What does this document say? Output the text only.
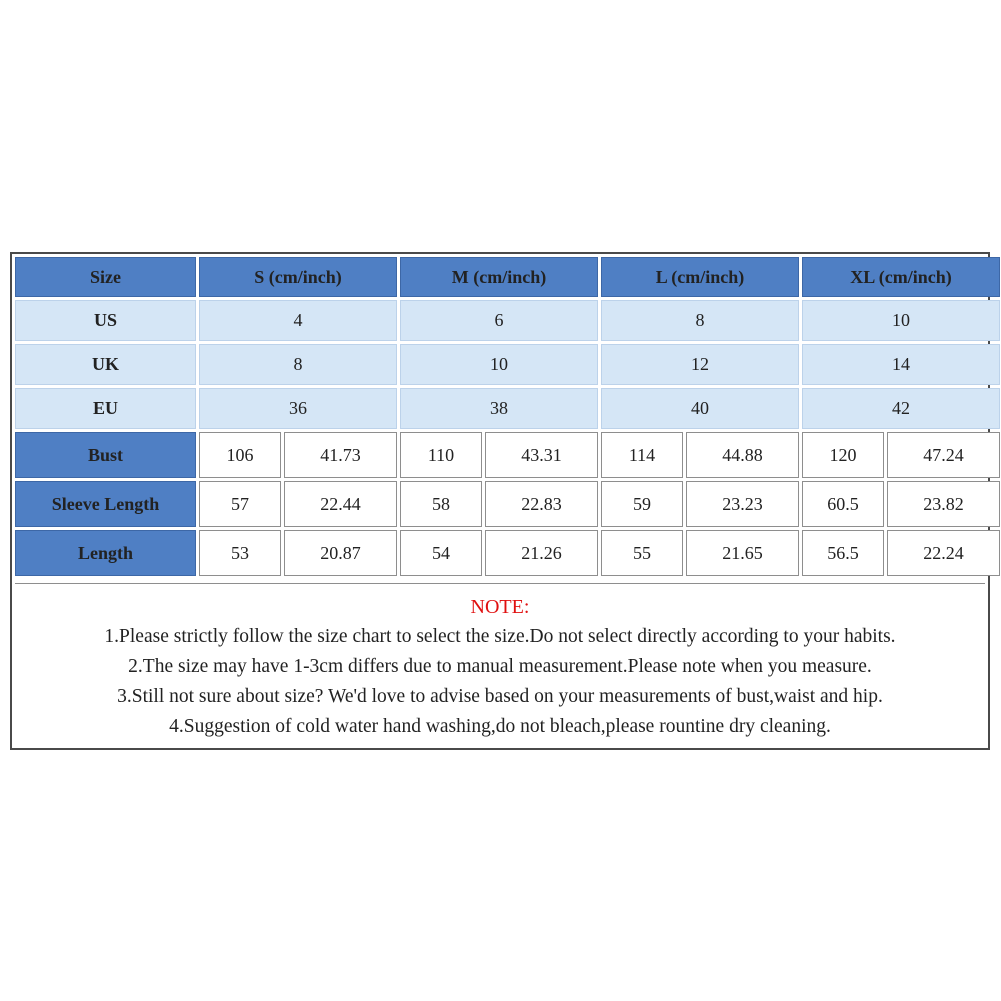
Size	S (cm/inch)		M (cm/inch)		L (cm/inch)		XL (cm/inch)	
US	4		6		8		10	
UK	8		10		12		14	
EU	36		38		40		42	
Bust	106	41.73	110	43.31	114	44.88	120	47.24
Sleeve Length	57	22.44	58	22.83	59	23.23	60.5	23.82
Length	53	20.87	54	21.26	55	21.65	56.5	22.24
NOTE:
1.Please strictly follow the size chart to select the size.Do not select directly according to your habits.
2.The size may have 1-3cm differs due to manual measurement.Please note when you measure.
3.Still not sure about size? We'd love to advise based on your measurements of bust,waist and hip.
4.Suggestion of cold water hand washing,do not bleach,please rountine dry cleaning.
